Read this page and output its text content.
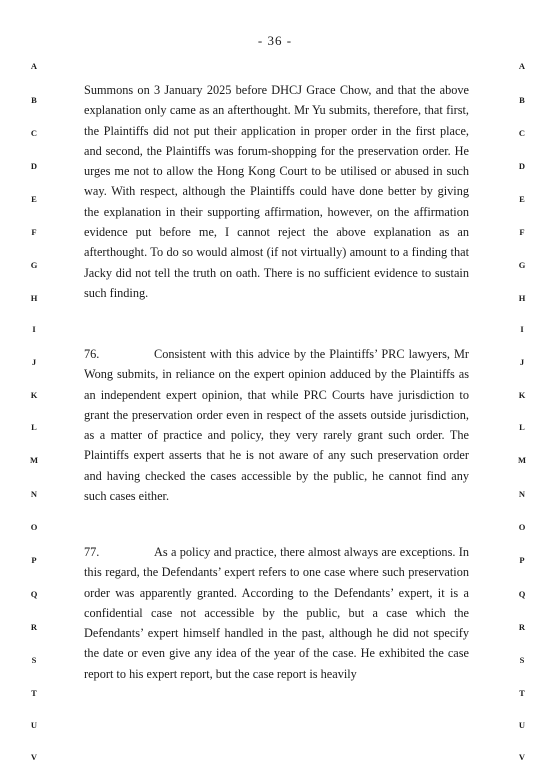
- 36 -
A
B
C
D
E
F
G
H
I
J
K
L
M
N
O
P
Q
R
S
T
U
V
A
B
C
D
E
F
G
H
I
J
K
L
M
N
O
P
Q
R
S
T
U
V

Summons on 3 January 2025 before DHCJ Grace Chow, and that the above explanation only came as an afterthought. Mr Yu submits, therefore, that first, the Plaintiffs did not put their application in proper order in the first place, and second, the Plaintiffs was forum-shopping for the preservation order. He urges me not to allow the Hong Kong Court to be utilised or abused in such way. With respect, although the Plaintiffs could have done better by giving the explanation in their supporting affirmation, however, on the affirmation evidence put before me, I cannot reject the above explanation as an afterthought. To do so would almost (if not virtually) amount to a finding that Jacky did not tell the truth on oath. There is no sufficient evidence to sustain such finding.

76.	Consistent with this advice by the Plaintiffs’ PRC lawyers, Mr Wong submits, in reliance on the expert opinion adduced by the Plaintiffs as an independent expert opinion, that while PRC Courts have jurisdiction to grant the preservation order even in respect of the assets outside jurisdiction, as a matter of practice and policy, they very rarely grant such order. The Plaintiffs expert asserts that he is not aware of any such preservation order and having checked the cases accessible by the public, he cannot find any such cases either.

77.	As a policy and practice, there almost always are exceptions. In this regard, the Defendants’ expert refers to one case where such preservation order was apparently granted. According to the Defendants’ expert, it is a confidential case not accessible by the public, but a case which the Defendants’ expert himself handled in the past, although he did not specify the date or even give any idea of the year of the case. He exhibited the case report to his expert report, but the case report is heavily
